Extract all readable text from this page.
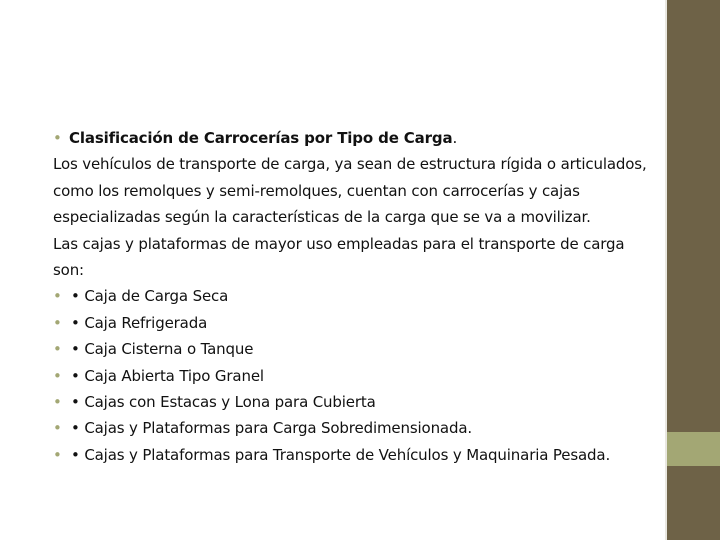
• Clasificación de Carrocerías por Tipo de Carga.

Los vehículos de transporte de carga, ya sean de estructura rígida o articulados, como los remolques y semi-remolques, cuentan con carrocerías y cajas especializadas según la características de la carga que se va a movilizar.

Las cajas y plataformas de mayor uso empleadas para el transporte de carga son:

• • Caja de Carga Seca
• • Caja Refrigerada
• • Caja Cisterna o Tanque
• • Caja Abierta Tipo Granel
• • Cajas con Estacas y Lona para Cubierta
• • Cajas y Plataformas para Carga Sobredimensionada.
• • Cajas y Plataformas para Transporte de Vehículos y Maquinaria Pesada.
